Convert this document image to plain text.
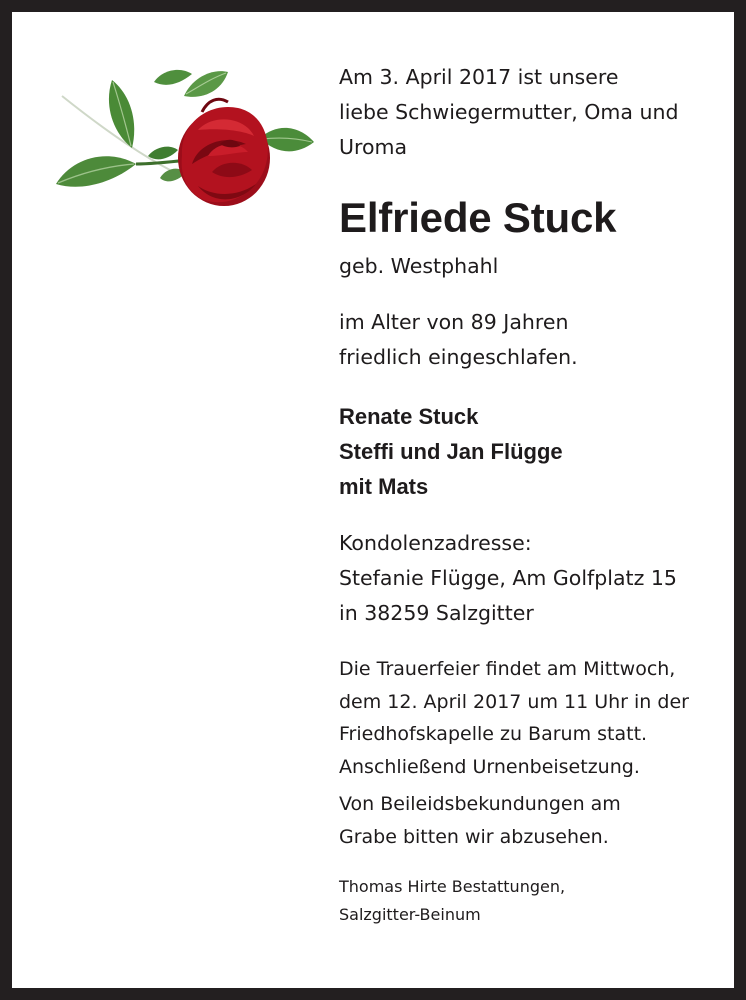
Am 3. April 2017 ist unsere
liebe Schwiegermutter, Oma und
Uroma

Elfriede Stuck

geb. Westphahl

im Alter von 89 Jahren
friedlich eingeschlafen.

Renate Stuck
Steffi und Jan Flügge
mit Mats

Kondolenzadresse:
Stefanie Flügge, Am Golfplatz 15
in 38259 Salzgitter

Die Trauerfeier findet am Mittwoch,
dem 12. April 2017 um 11 Uhr in der
Friedhofskapelle zu Barum statt.
Anschließend Urnenbeisetzung.

Von Beileidsbekundungen am
Grabe bitten wir abzusehen.

Thomas Hirte Bestattungen,
Salzgitter-Beinum
